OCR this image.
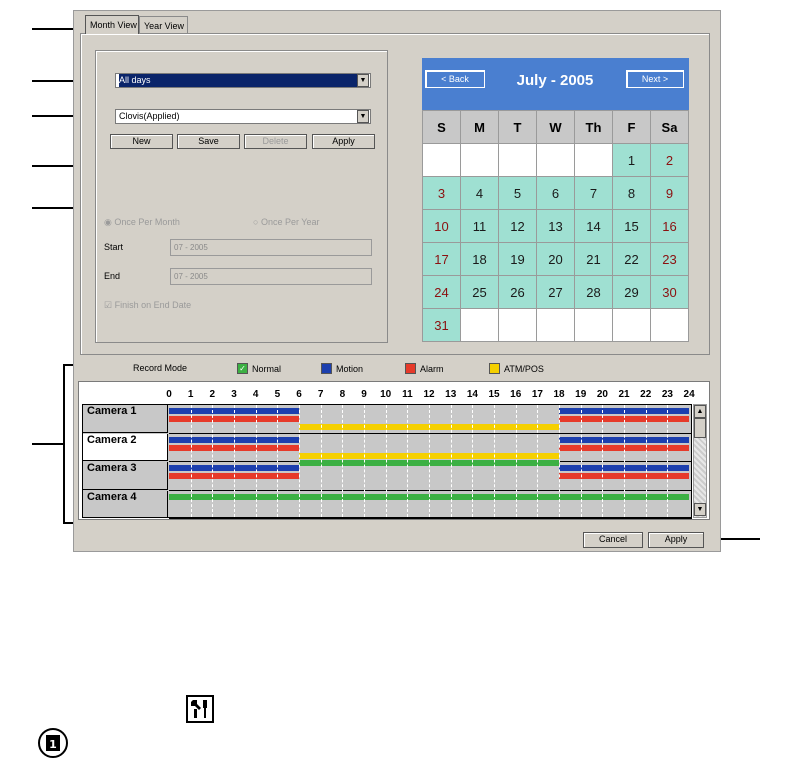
Month View Year View
All days	▼
Clovis(Applied)	▼
New	Save	Delete	Apply
◉ Once Per Month	○ Once Per Year
Start	07 - 2005
End	07 - 2005
☑ Finish on End Date
< Back	July - 2005	Next >
S	M	T	W	Th	F	Sa
					1	2
3	4	5	6	7	8	9
10	11	12	13	14	15	16
17	18	19	20	21	22	23
24	25	26	27	28	29	30
31						
Record Mode	✓ Normal	Motion	Alarm	ATM/POS
0	1	2	3	4	5	6	7	8	9	10 11 12 13 14 15 16 17 18 19 20 21 22 23 24
Camera 1
Camera 2
Camera 3
Camera 4
▲
▼
Cancel	Apply
1
